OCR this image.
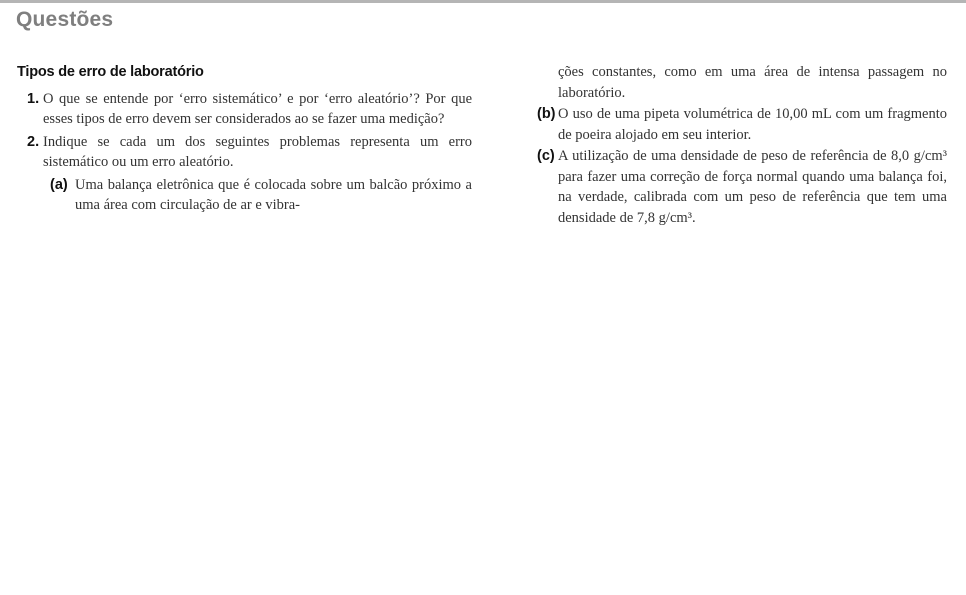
Questões
Tipos de erro de laboratório
1. O que se entende por ‘erro sistemático’ e por ‘erro aleatório’? Por que esses tipos de erro devem ser considerados ao se fazer uma medição?
2. Indique se cada um dos seguintes problemas representa um erro sistemático ou um erro aleatório.
(a) Uma balança eletrônica que é colocada sobre um balcão próximo a uma área com circulação de ar e vibra-
ções constantes, como em uma área de intensa passagem no laboratório.
(b) O uso de uma pipeta volumétrica de 10,00 mL com um fragmento de poeira alojado em seu interior.
(c) A utilização de uma densidade de peso de referência de 8,0 g/cm³ para fazer uma correção de força normal quando uma balança foi, na verdade, calibrada com um peso de referência que tem uma densidade de 7,8 g/cm³.
